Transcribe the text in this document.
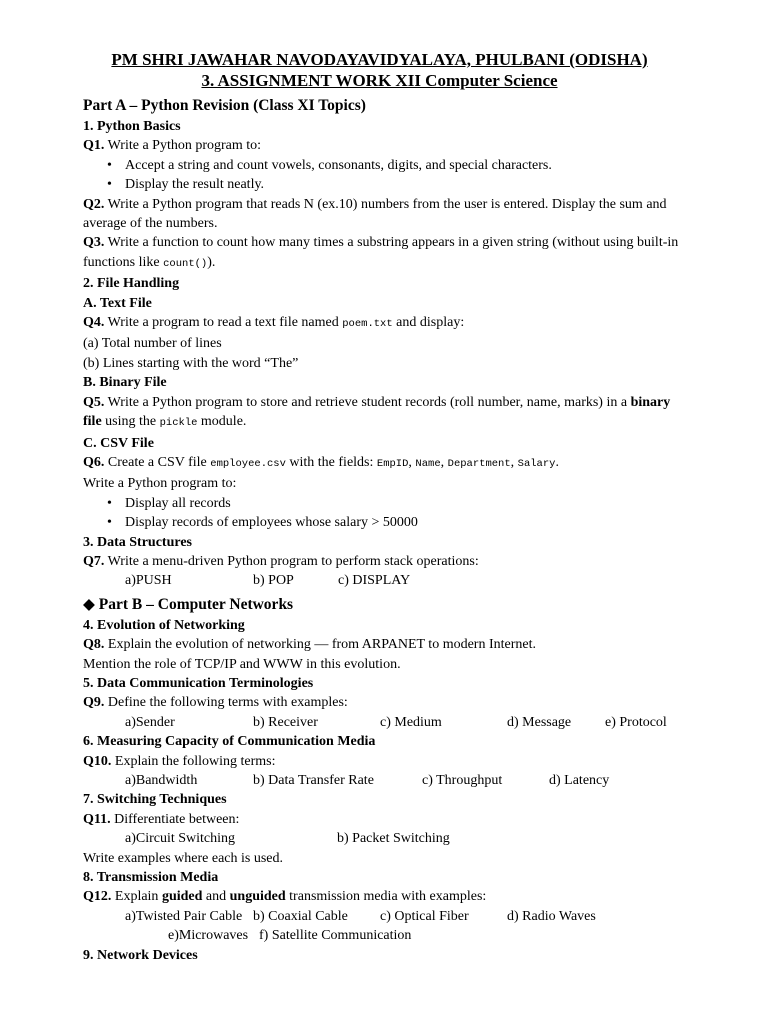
PM SHRI JAWAHAR NAVODAYAVIDYALAYA, PHULBANI (ODISHA)
3. ASSIGNMENT WORK XII Computer Science
Part A – Python Revision (Class XI Topics)
1. Python Basics
Q1. Write a Python program to:
• Accept a string and count vowels, consonants, digits, and special characters.
• Display the result neatly.
Q2. Write a Python program that reads N (ex.10) numbers from the user is entered. Display the sum and average of the numbers.
Q3. Write a function to count how many times a substring appears in a given string (without using built-in functions like count()).
2. File Handling
A. Text File
Q4. Write a program to read a text file named poem.txt and display:
(a) Total number of lines
(b) Lines starting with the word “The”
B. Binary File
Q5. Write a Python program to store and retrieve student records (roll number, name, marks) in a binary file using the pickle module.
C. CSV File
Q6. Create a CSV file employee.csv with the fields: EmpID, Name, Department, Salary.
Write a Python program to:
• Display all records
• Display records of employees whose salary > 50000
3. Data Structures
Q7. Write a menu-driven Python program to perform stack operations:
a)PUSH	b) POP	c) DISPLAY
◆ Part B – Computer Networks
4. Evolution of Networking
Q8. Explain the evolution of networking — from ARPANET to modern Internet.
Mention the role of TCP/IP and WWW in this evolution.
5. Data Communication Terminologies
Q9. Define the following terms with examples:
a)Sender	b) Receiver	c) Medium	d) Message e) Protocol
6. Measuring Capacity of Communication Media
Q10. Explain the following terms:
a)Bandwidth	b) Data Transfer Rate	c) Throughput	d) Latency
7. Switching Techniques
Q11. Differentiate between:
a)Circuit Switching	b) Packet Switching
Write examples where each is used.
8. Transmission Media
Q12. Explain guided and unguided transmission media with examples:
a)Twisted Pair Cable b) Coaxial Cable c) Optical Fiber	d) Radio Waves
e)Microwaves f) Satellite Communication
9. Network Devices
